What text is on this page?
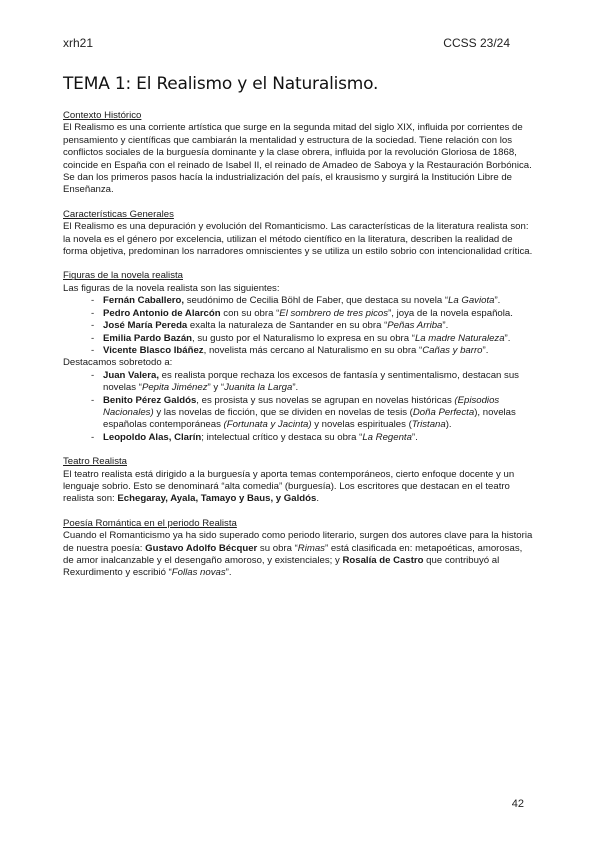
xrh21	CCSS 23/24
TEMA 1: El Realismo y el Naturalismo.
Contexto Histórico
El Realismo es una corriente artística que surge en la segunda mitad del siglo XIX, influida por corrientes de pensamiento y científicas que cambiarán la mentalidad y estructura de la sociedad. Tiene relación con los conflictos sociales de la burguesía dominante y la clase obrera, influida por la revolución Gloriosa de 1868, coincide en España con el reinado de Isabel II, el reinado de Amadeo de Saboya y la Restauración Borbónica. Se dan los primeros pasos hacía la industrialización del país, el krausismo y surgirá la Institución Libre de Enseñanza.
Características Generales
El Realismo es una depuración y evolución del Romanticismo. Las características de la literatura realista son: la novela es el género por excelencia, utilizan el método científico en la literatura, describen la realidad de forma objetiva, predominan los narradores omniscientes y se utiliza un estilo sobrio con intencionalidad crítica.
Figuras de la novela realista
Las figuras de la novela realista son las siguientes:
- Fernán Caballero, seudónimo de Cecilia Böhl de Faber, que destaca su novela “La Gaviota”.
- Pedro Antonio de Alarcón con su obra “El sombrero de tres picos”, joya de la novela española.
- José María Pereda exalta la naturaleza de Santander en su obra “Peñas Arriba”.
- Emilia Pardo Bazán, su gusto por el Naturalismo lo expresa en su obra “La madre Naturaleza”.
- Vicente Blasco Ibáñez, novelista más cercano al Naturalismo en su obra “Cañas y barro”.
Destacamos sobretodo a:
- Juan Valera, es realista porque rechaza los excesos de fantasía y sentimentalismo, destacan sus novelas “Pepita Jiménez” y “Juanita la Larga”.
- Benito Pérez Galdós, es prosista y sus novelas se agrupan en novelas históricas (Episodios Nacionales) y las novelas de ficción, que se dividen en novelas de tesis (Doña Perfecta), novelas españolas contemporáneas (Fortunata y Jacinta) y novelas espirituales (Tristana).
- Leopoldo Alas, Clarín; intelectual crítico y destaca su obra “La Regenta”.
Teatro Realista
El teatro realista está dirigido a la burguesía y aporta temas contemporáneos, cierto enfoque docente y un lenguaje sobrio. Esto se denominará “alta comedia” (burguesía). Los escritores que destacan en el teatro realista son: Echegaray, Ayala, Tamayo y Baus, y Galdós.
Poesía Romántica en el periodo Realista
Cuando el Romanticismo ya ha sido superado como periodo literario, surgen dos autores clave para la historia de nuestra poesía: Gustavo Adolfo Bécquer su obra “Rimas” está clasificada en: metapoéticas, amorosas, de amor inalcanzable y el desengaño amoroso, y existenciales; y Rosalía de Castro que contribuyó al Rexurdimento y escribió “Follas novas”.
42
